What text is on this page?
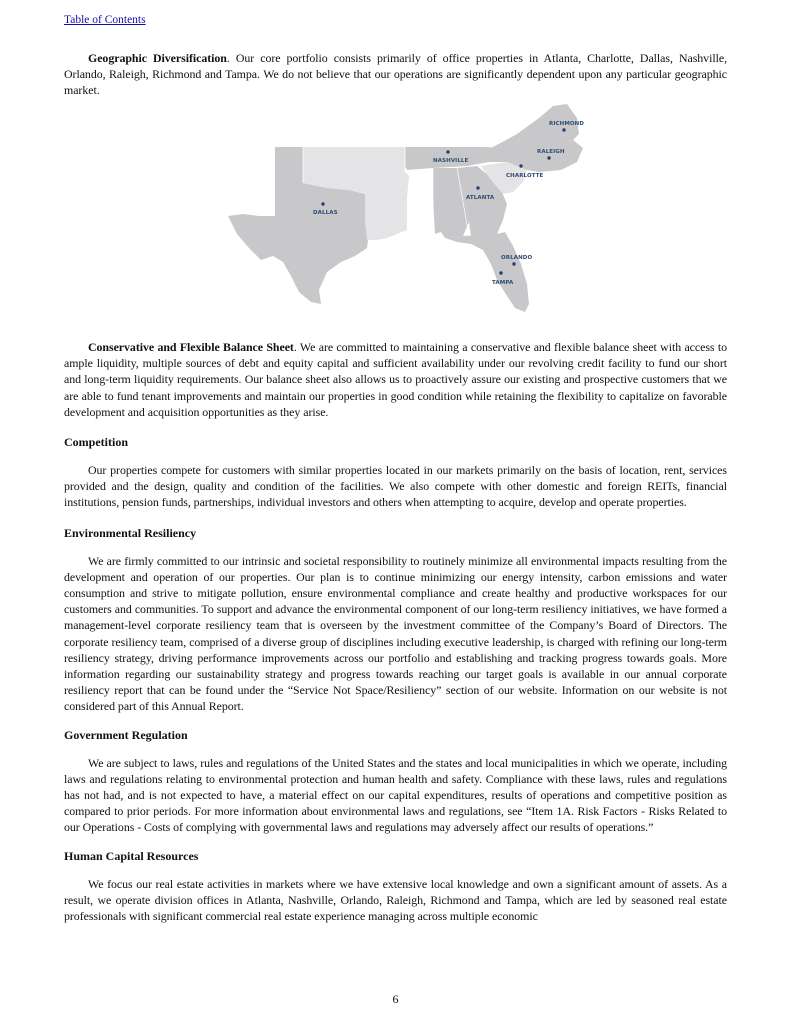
Table of Contents

Geographic Diversification. Our core portfolio consists primarily of office properties in Atlanta, Charlotte, Dallas, Nashville, Orlando, Raleigh, Richmond and Tampa. We do not believe that our operations are significantly dependent upon any particular geographic market.

RICHMOND
RALEIGH
NASHVILLE
CHARLOTTE
ATLANTA
DALLAS
ORLANDO
TAMPA

Conservative and Flexible Balance Sheet. We are committed to maintaining a conservative and flexible balance sheet with access to ample liquidity, multiple sources of debt and equity capital and sufficient availability under our revolving credit facility to fund our short and long-term liquidity requirements. Our balance sheet also allows us to proactively assure our existing and prospective customers that we are able to fund tenant improvements and maintain our properties in good condition while retaining the flexibility to capitalize on favorable development and acquisition opportunities as they arise.

Competition

Our properties compete for customers with similar properties located in our markets primarily on the basis of location, rent, services provided and the design, quality and condition of the facilities. We also compete with other domestic and foreign REITs, financial institutions, pension funds, partnerships, individual investors and others when attempting to acquire, develop and operate properties.

Environmental Resiliency

We are firmly committed to our intrinsic and societal responsibility to routinely minimize all environmental impacts resulting from the development and operation of our properties. Our plan is to continue minimizing our energy intensity, carbon emissions and water consumption and strive to mitigate pollution, ensure environmental compliance and create healthy and productive workspaces for our customers and communities. To support and advance the environmental component of our long-term resiliency initiatives, we have formed a management-level corporate resiliency team that is overseen by the investment committee of the Company’s Board of Directors. The corporate resiliency team, comprised of a diverse group of disciplines including executive leadership, is charged with refining our long-term resiliency strategy, driving performance improvements across our portfolio and establishing and tracking progress towards goals. More information regarding our sustainability strategy and progress towards reaching our target goals is available in our annual corporate resiliency report that can be found under the “Service Not Space/Resiliency” section of our website. Information on our website is not considered part of this Annual Report.

Government Regulation

We are subject to laws, rules and regulations of the United States and the states and local municipalities in which we operate, including laws and regulations relating to environmental protection and human health and safety. Compliance with these laws, rules and regulations has not had, and is not expected to have, a material effect on our capital expenditures, results of operations and competitive position as compared to prior periods. For more information about environmental laws and regulations, see “Item 1A. Risk Factors - Risks Related to our Operations - Costs of complying with governmental laws and regulations may adversely affect our results of operations.”

Human Capital Resources

We focus our real estate activities in markets where we have extensive local knowledge and own a significant amount of assets. As a result, we operate division offices in Atlanta, Nashville, Orlando, Raleigh, Richmond and Tampa, which are led by seasoned real estate professionals with significant commercial real estate experience managing across multiple economic

6
